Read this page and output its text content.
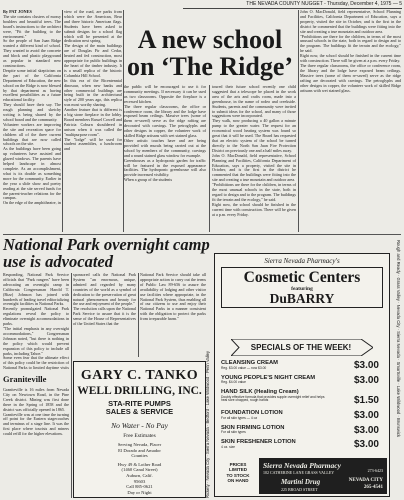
THE NEVADA COUNTY NUGGET - Thursday, December 4, 1975 — 5

By PAT JONES

The site contains clusters of mossy boulders and beautiful trees. The board's instructions to the architect were, "Fit the building to the environment."

So the people of San Juan Ridge wanted a different kind of school. They wanted to avoid the concrete and block and plastic playground as popular in standard new constructions.

Despite some initial skepticism on the part of the California Department of Education, the new school on the Ridge is now blessed by that department as having excellent possibilities as a future educational facility.

They should have their say. The rough planning and sketchy writing is being shared by the school board and the community.

Volunteer workers are improving the site and recreation space for children all of the three current buildings that are now called schools on the site.

As the buildings have been going up volunteers have assisted and glazed windows. The parents have helped landscape in almost complete. As an accomplishment, what is its double as something more for the community. Earlier in the year a slide show and poetry reading at the site served funds for the parent-teacher relations for the campus.

On the edge of the amphitheatre, in

view of the road, are parks from which were the American, Bear and three historic American flags. Students have been asked to submit designs for a school flag which will be presented at the dedication next spring.

The design of the main buildings are of Douglas Fir and Cedar, heated and fed construction, most appropriate for public buildings in the heart of the timber industry. It is a small replica of the historic Columbia Hill School.

In this era of the Bicentennial dinosaur, when new banks and other commercial buildings are being built in the architectural style of 200 years ago, this replica was most worthy sharing.

Another feature that is different is a big stone fireplace in the lobby. Board members Russel Cowell and Patricia Coburn shouldered in unison when it was called the "multipurpose room".

The "lodge" will be used for student assemblies, a lunchroom and

A new school on ‘The Ridge’

the public will be encouraged to use it for community meetings. If necessary it can be used as two classrooms. Opposite the fireplace is a recessed kitchen.

The three regular classrooms, the office or conference room, the library and the lodge have exposed beam ceilings. Massive trees (some of them re-saved) serve as the ridge rafting are decorated with carvings. The petroglyphs and other designs in copper, the volunteer work of skilled Ridge artisans with wet stained glass.

Other artistic touches have and are being provided with murals being carried out at the school by members of the community, carvings and a round stained glass window for example.

Greenhouses as a hydroponic garden for traffic will be featured in the exposed appearance facilities. The hydroponic greenhouse will also provide increased visibility.

When a group of the students

toured their future school recently one child suggested that a telescope be placed in the work area of the arts and crafts room, made into a greenhouse, in the name of rodeo and creekside. Students, parents and the community were invited to submit ideas for the school, and many of those suggestions were incorporated.

They walk, now producing a 40 gallon a minute pump to the greater water. The request for an economical wood heating system was found so great that it will be used. The Board has requested that an electric system of the school be turned directly to the North San Juan Fire Protection District on previously one and a half miles away.

John O. MacDonald, field representative, School Planning and Facilities, California Department of Education, says a property, visited the site in October, and is the first in the district he commented that the buildings were fitting into the site and creating a true mountain and outdoor area.

"Prohibitions are there for the children, in terms of the most unusual schools in the state, both in regard to design and to the program. The buildings fit the terrain and the ecology," he said.

Right now, the school should be finished in the current time with construction. There will be given at a p.m. every Friday.

John O. MacDonald, field representative, School Planning and Facilities, California Department of Education, says a property, visited the site in October, and is the first in the district he commented that the buildings were fitting into the site and creating a true mountain and outdoor area.

"Prohibitions are there for the children, in terms of the most unusual schools in the state, both in regard to design and to the program. The buildings fit the terrain and the ecology," he said.

Right now, the school should be finished in the current time with construction. There will be given at a p.m. every Friday.

The three regular classrooms, the office or conference room, the library and the lodge have exposed beam ceilings. Massive trees (some of them re-saved) serve as the ridge rafting are decorated with carvings. The petroglyphs and other designs in copper, the volunteer work of skilled Ridge artisans with wet stained glass.

National Park overnight camp use is advocated

Responding, National Park Service officials that "Park rangers" have been advocating an overnight camp in California Congressman Harold T. (Bizz) Johnson has joined with hundreds of leading travel editorializing overnight facilities in National Parks.

Recently promulgated National Park regulations reveal the policy to eliminate overnight accommodations in parks.

"The initial emphasis in any overnight accommodations," Congressman Johnson noted, "but there is nothing in the policy which would prevent expansion of this policy to include all parks, including Tahoe."

Some even fear that the ultimate effect of this policy could be the restriction of National Parks to limited daytime visits

sponsored calls the National Park System "an enormous, unique, admired and regarded by many countries of the world as a symbol of dedication to the preservation of great natural phenomenon and beauty for the use and enjoyment of the people."

The resolution calls upon the National Park Service to assure that it is the sense of the House of Representatives of the United States that the

National Park Service should take all appropriate action to carry out the terms of Public Law 89-656 to assure the availability of lodging and other visitor use facilities where appropriate, in the National Park System, thus enabling all of our citizens to use and enjoy their National Parks in a manner consistent with the obligation to protect the parks from irreparable harm."

Graniteville

Graniteville is 16 miles from Nevada City on Newtown Road, in the Pine Creek district. Mining was first done there in the Spring of 1858 and the district was officially opened in 1865.

Graniteville was at one time the turning off point for the Eastern stagecoaches and terminus of a stage line. It was the first place where tourists and miners could refill for the higher elevations.

GARY C. TANKO
WELL DRILLING, INC.
STA-RITE PUMPS
SALES & SERVICE
No Water - No Pay
Free Estimates
Serving Nevada, Placer
El Dorado and Amador
Counties
Hwy 49 & Lother Road
(1460 Canal Street)
Auburn, Calif.
95603
Call 885-0621
Day or Night	Rickety · Nevada City · Sierra Nevada · Bedford · Lake Wildwood · Penn Valley	Rough and Ready · Grass Valley · Nevada City · Sierra Nevada · Smartsville · Lake Wildwood · Brunswick
Sierra Nevada Pharmacy's
Cosmetic Centers
featuring
DuBARRY
SPECIALS OF THE WEEK!
CLEANSING CREAM
Reg. $3.00 value — now $3.00	$3.00
YOUNG PEOPLE'S NIGHT CREAM
Reg. $4.00 value	$3.00
HAND SILK (Healing Cream)
Doubly effective formula that provides supple overnight relief and helps heal sore chapped, rough hands	$1.50
FOUNDATION LOTION
For all skin types — 4 oz	$3.00
SKIN FIRMING LOTION
For all skin types	$3.00
SKIN FRESHENER LOTION
4 oz. size	$3.00
PRICES
LIMITED
TO STOCK
ON HAND
Sierra Nevada Pharmacy
102 CATHERINE LANE GRASS VALLEY	273-6423
Martini Drug
225 BROAD STREET
NEVADA CITY
265-4541
